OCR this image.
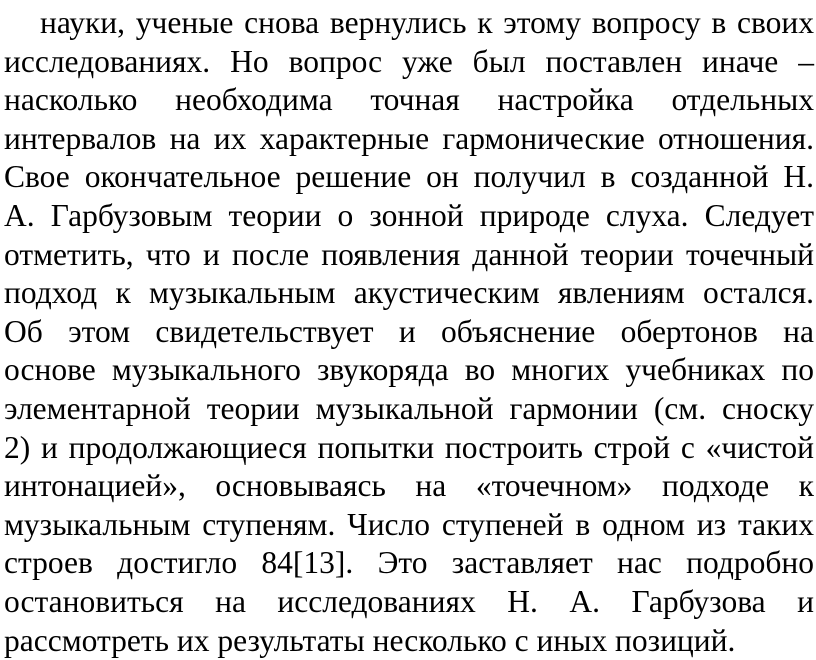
науки, ученые снова вернулись к этому вопросу в своих
исследованиях. Но вопрос уже был поставлен иначе –
насколько необходима точная настройка отдельных
интервалов на их характерные гармонические отношения.
Свое окончательное решение он получил в созданной Н.
А. Гарбузовым теории о зонной природе слуха. Следует
отметить, что и после появления данной теории точечный
подход к музыкальным акустическим явлениям остался.
Об этом свидетельствует и объяснение обертонов на
основе музыкального звукоряда во многих учебниках по
элементарной теории музыкальной гармонии (см. сноску
2) и продолжающиеся попытки построить строй с «чистой
интонацией», основываясь на «точечном» подходе к
музыкальным ступеням. Число ступеней в одном из таких
строев достигло 84[13]. Это заставляет нас подробно
остановиться на исследованиях Н. А. Гарбузова и
рассмотреть их результаты несколько с иных позиций.
